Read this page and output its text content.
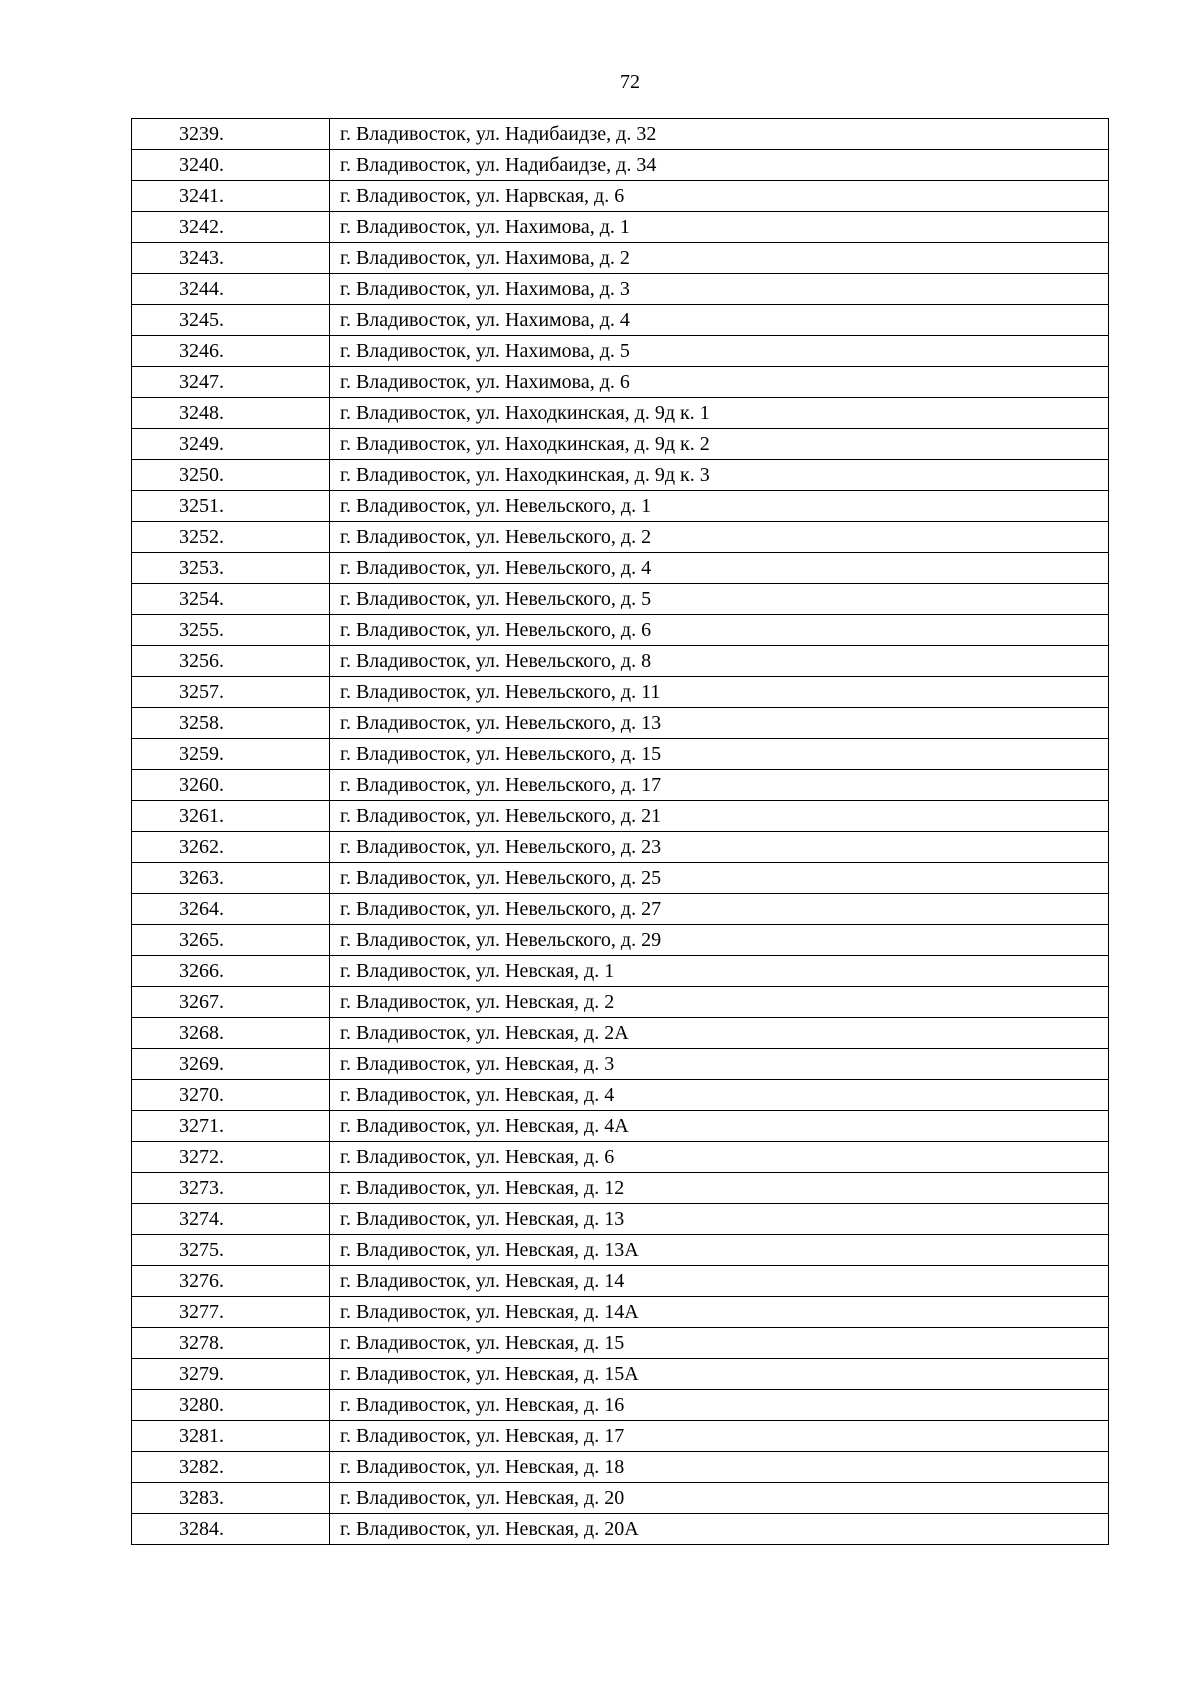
72
3239.	г. Владивосток, ул. Надибаидзе, д. 32
3240.	г. Владивосток, ул. Надибаидзе, д. 34
3241.	г. Владивосток, ул. Нарвская, д. 6
3242.	г. Владивосток, ул. Нахимова, д. 1
3243.	г. Владивосток, ул. Нахимова, д. 2
3244.	г. Владивосток, ул. Нахимова, д. 3
3245.	г. Владивосток, ул. Нахимова, д. 4
3246.	г. Владивосток, ул. Нахимова, д. 5
3247.	г. Владивосток, ул. Нахимова, д. 6
3248.	г. Владивосток, ул. Находкинская, д. 9д к. 1
3249.	г. Владивосток, ул. Находкинская, д. 9д к. 2
3250.	г. Владивосток, ул. Находкинская, д. 9д к. 3
3251.	г. Владивосток, ул. Невельского, д. 1
3252.	г. Владивосток, ул. Невельского, д. 2
3253.	г. Владивосток, ул. Невельского, д. 4
3254.	г. Владивосток, ул. Невельского, д. 5
3255.	г. Владивосток, ул. Невельского, д. 6
3256.	г. Владивосток, ул. Невельского, д. 8
3257.	г. Владивосток, ул. Невельского, д. 11
3258.	г. Владивосток, ул. Невельского, д. 13
3259.	г. Владивосток, ул. Невельского, д. 15
3260.	г. Владивосток, ул. Невельского, д. 17
3261.	г. Владивосток, ул. Невельского, д. 21
3262.	г. Владивосток, ул. Невельского, д. 23
3263.	г. Владивосток, ул. Невельского, д. 25
3264.	г. Владивосток, ул. Невельского, д. 27
3265.	г. Владивосток, ул. Невельского, д. 29
3266.	г. Владивосток, ул. Невская, д. 1
3267.	г. Владивосток, ул. Невская, д. 2
3268.	г. Владивосток, ул. Невская, д. 2А
3269.	г. Владивосток, ул. Невская, д. 3
3270.	г. Владивосток, ул. Невская, д. 4
3271.	г. Владивосток, ул. Невская, д. 4А
3272.	г. Владивосток, ул. Невская, д. 6
3273.	г. Владивосток, ул. Невская, д. 12
3274.	г. Владивосток, ул. Невская, д. 13
3275.	г. Владивосток, ул. Невская, д. 13А
3276.	г. Владивосток, ул. Невская, д. 14
3277.	г. Владивосток, ул. Невская, д. 14А
3278.	г. Владивосток, ул. Невская, д. 15
3279.	г. Владивосток, ул. Невская, д. 15А
3280.	г. Владивосток, ул. Невская, д. 16
3281.	г. Владивосток, ул. Невская, д. 17
3282.	г. Владивосток, ул. Невская, д. 18
3283.	г. Владивосток, ул. Невская, д. 20
3284.	г. Владивосток, ул. Невская, д. 20А
